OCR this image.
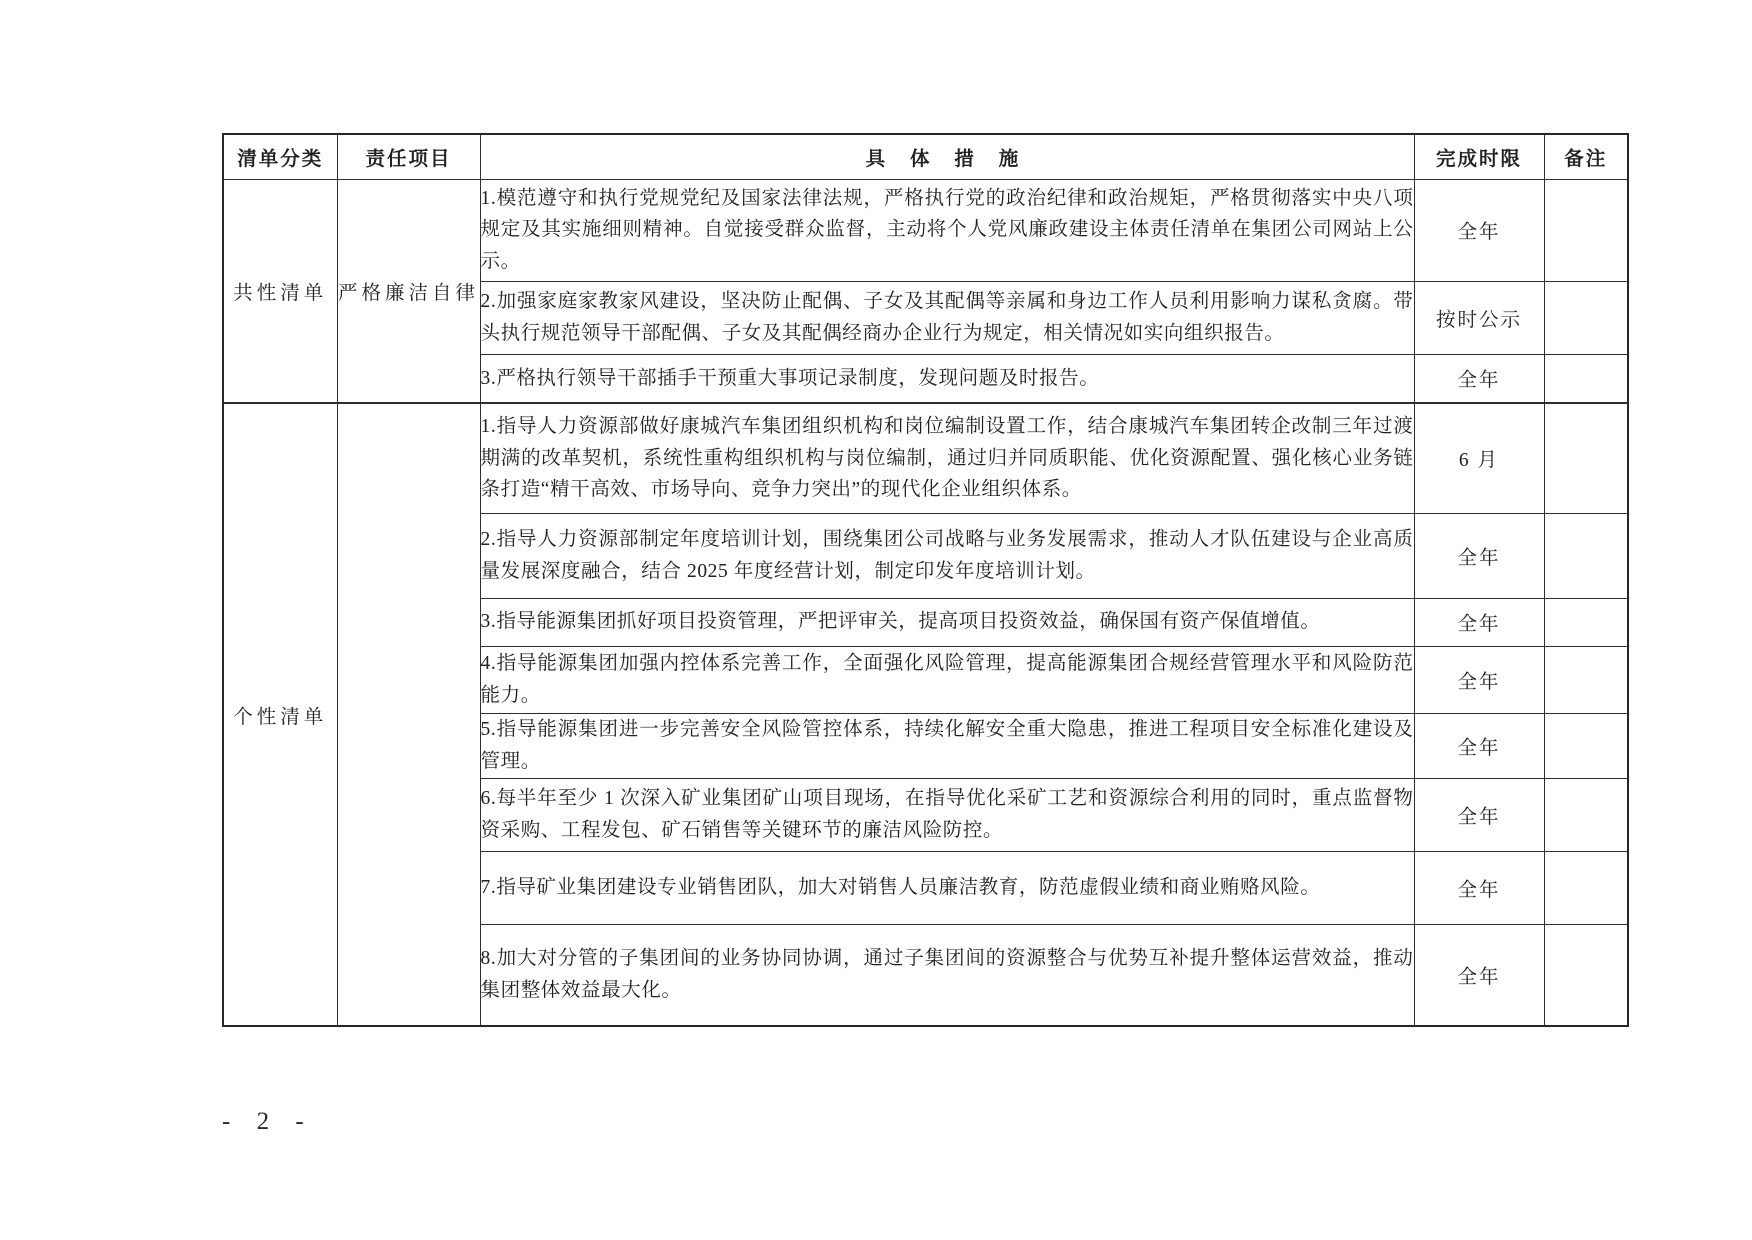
清单分类	责任项目	具 体 措 施	完成时限	备注
共性清单	严格廉洁自律	1.模范遵守和执行党规党纪及国家法律法规，严格执行党的政治纪律和政治规矩，严格贯彻落实中央八项规定及其实施细则精神。自觉接受群众监督，主动将个人党风廉政建设主体责任清单在集团公司网站上公示。	全年	
		2.加强家庭家教家风建设，坚决防止配偶、子女及其配偶等亲属和身边工作人员利用影响力谋私贪腐。带头执行规范领导干部配偶、子女及其配偶经商办企业行为规定，相关情况如实向组织报告。	按时公示	
		3.严格执行领导干部插手干预重大事项记录制度，发现问题及时报告。	全年	
个性清单		1.指导人力资源部做好康城汽车集团组织机构和岗位编制设置工作，结合康城汽车集团转企改制三年过渡期满的改革契机，系统性重构组织机构与岗位编制，通过归并同质职能、优化资源配置、强化核心业务链条打造“精干高效、市场导向、竞争力突出”的现代化企业组织体系。	6 月	
		2.指导人力资源部制定年度培训计划，围绕集团公司战略与业务发展需求，推动人才队伍建设与企业高质量发展深度融合，结合 2025 年度经营计划，制定印发年度培训计划。	全年	
		3.指导能源集团抓好项目投资管理，严把评审关，提高项目投资效益，确保国有资产保值增值。	全年	
		4.指导能源集团加强内控体系完善工作，全面强化风险管理，提高能源集团合规经营管理水平和风险防范能力。	全年	
		5.指导能源集团进一步完善安全风险管控体系，持续化解安全重大隐患，推进工程项目安全标准化建设及管理。	全年	
		6.每半年至少 1 次深入矿业集团矿山项目现场，在指导优化采矿工艺和资源综合利用的同时，重点监督物资采购、工程发包、矿石销售等关键环节的廉洁风险防控。	全年	
		7.指导矿业集团建设专业销售团队，加大对销售人员廉洁教育，防范虚假业绩和商业贿赂风险。	全年	
		8.加大对分管的子集团间的业务协同协调，通过子集团间的资源整合与优势互补提升整体运营效益，推动集团整体效益最大化。	全年	
- 2 -
